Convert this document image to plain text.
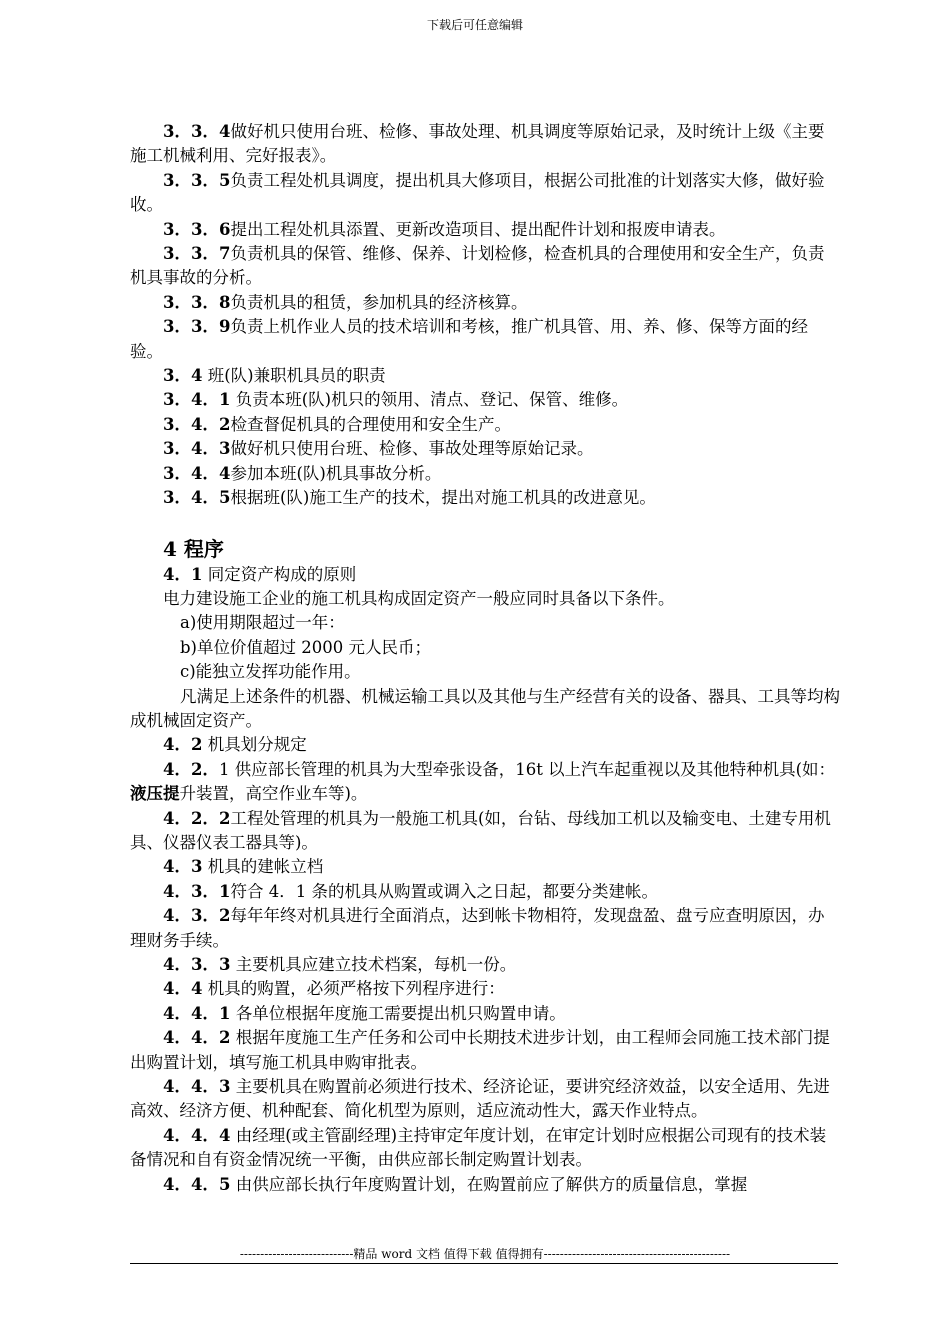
下载后可任意编辑

3．3．4做好机只使用台班、检修、事故处理、机具调度等原始记录，及时统计上级《主要施工机械利用、完好报表》。

3．3．5负责工程处机具调度，提出机具大修项目，根据公司批准的计划落实大修，做好验收。

3．3．6提出工程处机具添置、更新改造项目、提出配件计划和报废申请表。

3．3．7负责机具的保管、维修、保养、计划检修，检查机具的合理使用和安全生产，负责机具事故的分析。

3．3．8负责机具的租赁，参加机具的经济核算。

3．3．9负责上机作业人员的技术培训和考核，推广机具管、用、养、修、保等方面的经验。

3．4 班(队)兼职机具员的职责

3．4．1 负责本班(队)机只的领用、清点、登记、保管、维修。

3．4．2检查督促机具的合理使用和安全生产。

3．4．3做好机只使用台班、检修、事故处理等原始记录。

3．4．4参加本班(队)机具事故分析。

3．4．5根据班(队)施工生产的技术，提出对施工机具的改进意见。

4 程序

4．1 同定资产构成的原则

电力建设施工企业的施工机具构成固定资产一般应同时具备以下条件。

a)使用期限超过一年：

b)单位价值超过 2000 元人民币；

c)能独立发挥功能作用。

凡满足上述条件的机器、机械运输工具以及其他与生产经营有关的设备、器具、工具等均构成机械固定资产。

4．2 机具划分规定

4．2．1 供应部长管理的机具为大型牵张设备，16t 以上汽车起重视以及其他特种机具(如：液压提升装置，高空作业车等)。

4．2．2工程处管理的机具为一般施工机具(如，台钻、母线加工机以及输变电、土建专用机具、仪器仪表工器具等)。

4．3 机具的建帐立档

4．3．1符合 4．1 条的机具从购置或调入之日起，都要分类建帐。

4．3．2每年年终对机具进行全面消点，达到帐卡物相符，发现盘盈、盘亏应查明原因，办理财务手续。

4．3．3 主要机具应建立技术档案，每机一份。

4．4 机具的购置，必须严格按下列程序进行：

4．4．1 各单位根据年度施工需要提出机只购置申请。

4．4．2 根据年度施工生产任务和公司中长期技术进步计划，由工程师会同施工技术部门提出购置计划，填写施工机具申购审批表。

4．4．3 主要机具在购置前必须进行技术、经济论证，要讲究经济效益，以安全适用、先进高效、经济方便、机种配套、简化机型为原则，适应流动性大，露天作业特点。

4．4．4 由经理(或主管副经理)主持审定年度计划，在审定计划时应根据公司现有的技术装备情况和自有资金情况统一平衡，由供应部长制定购置计划表。

4．4．5 由供应部长执行年度购置计划，在购置前应了解供方的质量信息，掌握

----------------------------精品 word 文档 值得下载 值得拥有----------------------------------------------
